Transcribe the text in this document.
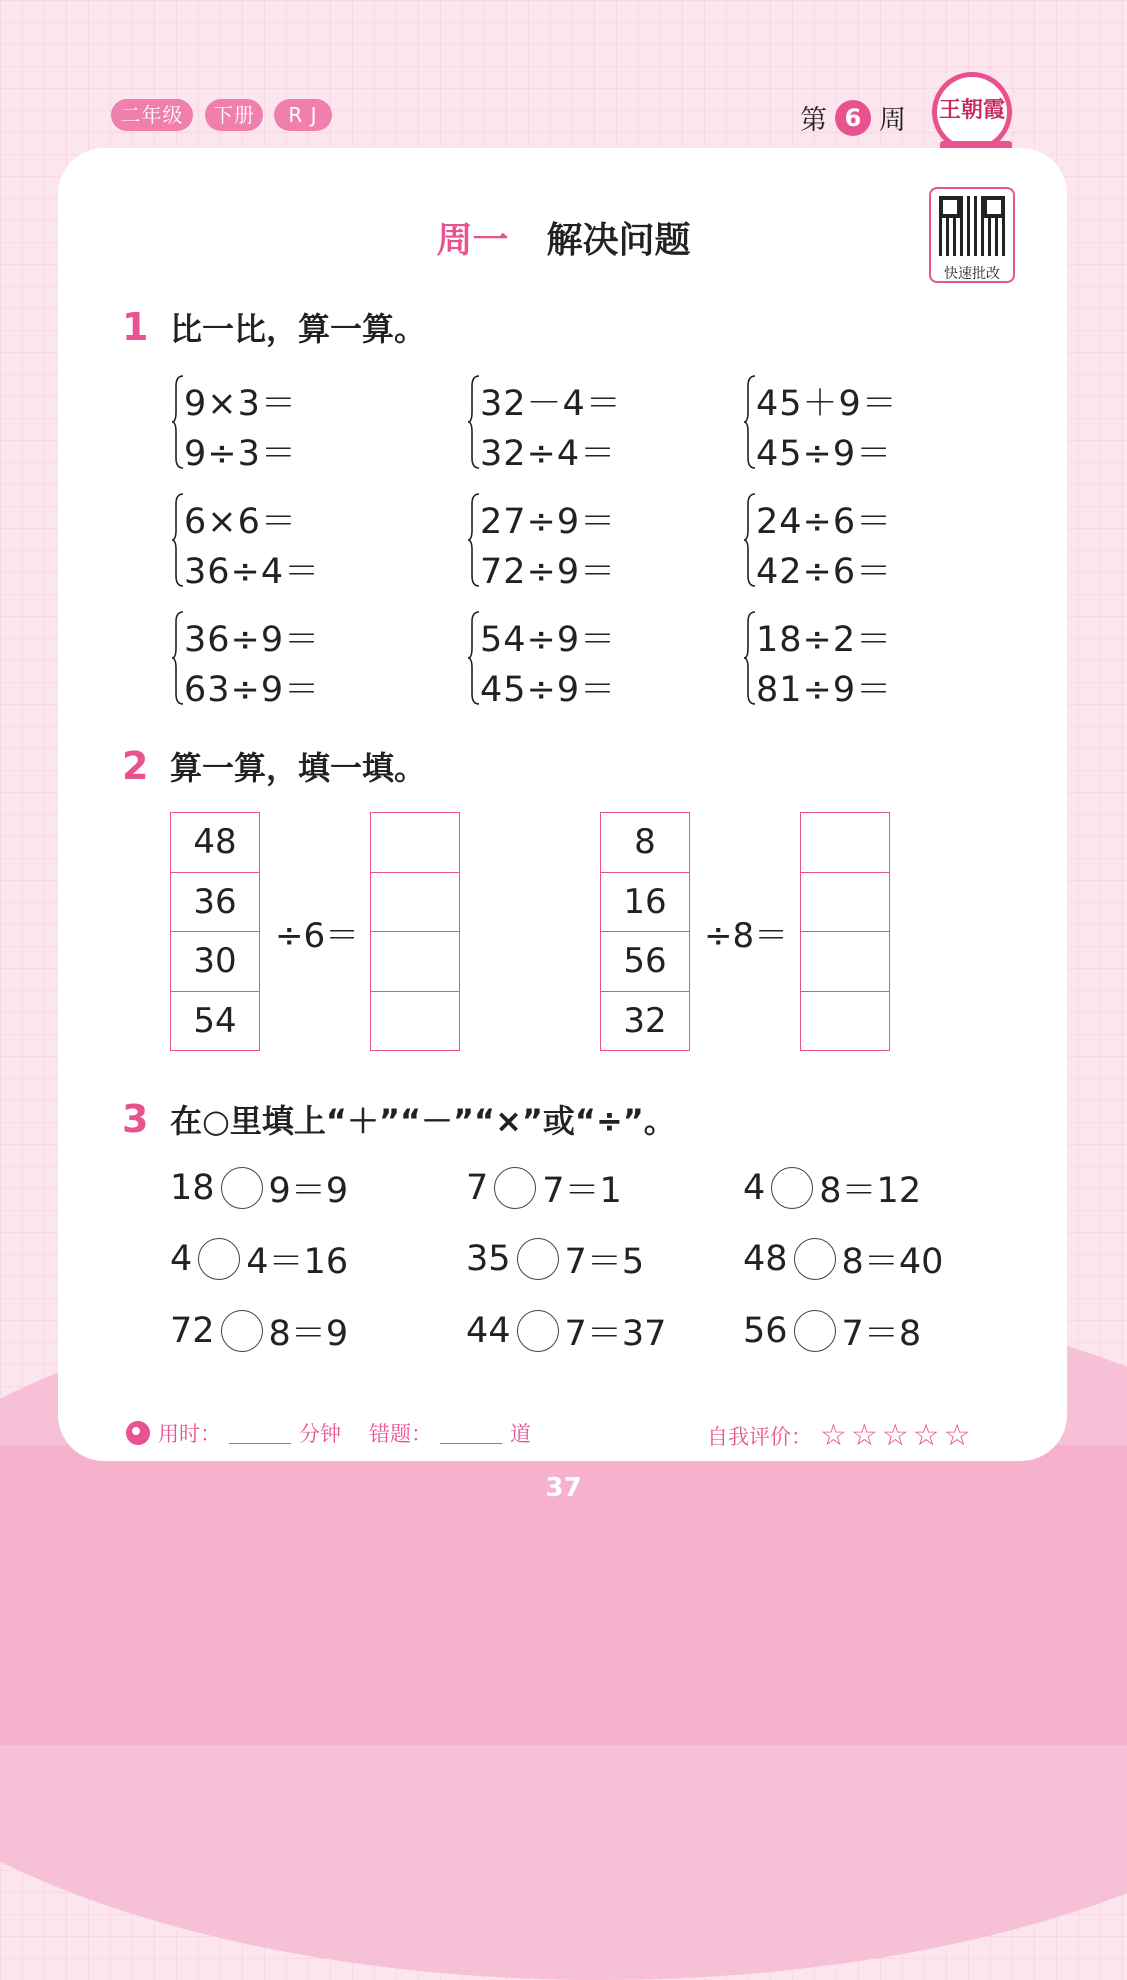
二年级	下册	R J	第 6 周	王朝霞
快速批改
周一 解决问题
1 比一比，算一算。
9×3＝
9÷3＝
32－4＝
32÷4＝
45＋9＝
45÷9＝
6×6＝
36÷4＝
27÷9＝
72÷9＝
24÷6＝
42÷6＝
36÷9＝
63÷9＝
54÷9＝
45÷9＝
18÷2＝
81÷9＝
2 算一算，填一填。
48
36
30
54
÷6＝
8
16
56
32
÷8＝
3 在○里填上“＋”“－”“×”或“÷”。
18 9＝9	7 7＝1	4 8＝12
4 4＝16	35 7＝5	48 8＝40
72 8＝9	44 7＝37 56 7＝8
用时：	分钟 错题：	道	自我评价： ☆☆☆☆☆
37
